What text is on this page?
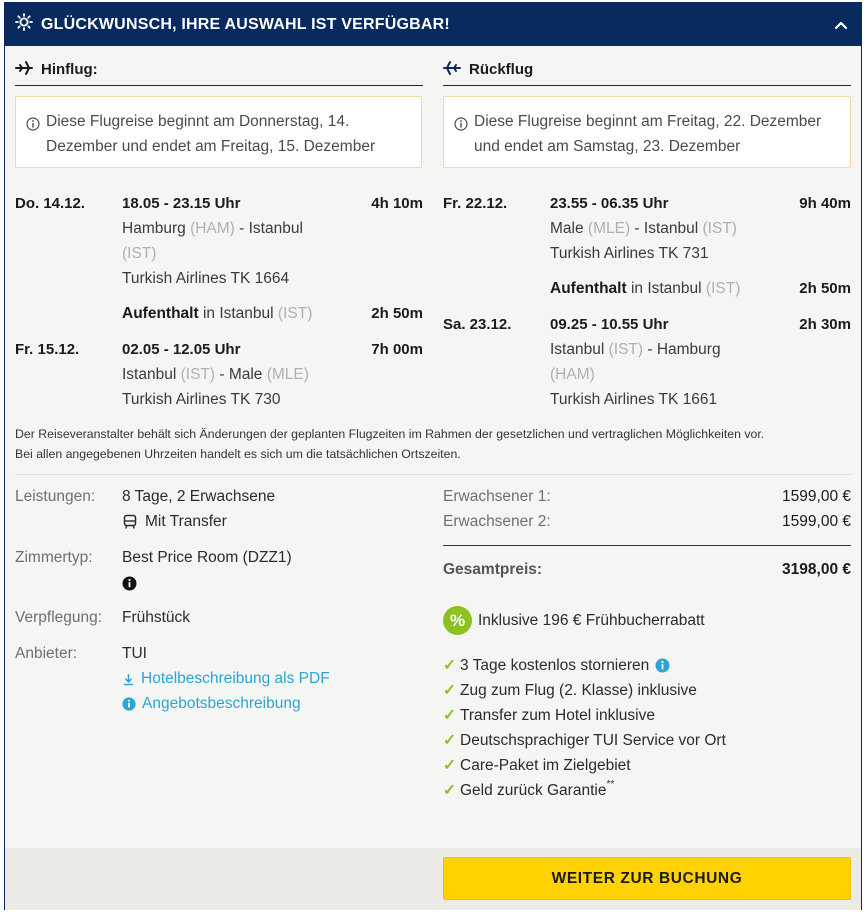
GLÜCKWUNSCH, IHRE AUSWAHL IST VERFÜGBAR!
Hinflug:
Diese Flugreise beginnt am Donnerstag, 14.
Dezember und endet am Freitag, 15. Dezember
Do. 14.12. 18.05 - 23.15 Uhr	4h 10m
Hamburg (HAM) - Istanbul
(IST)
Turkish Airlines TK 1664
Aufenthalt in Istanbul (IST)	2h 50m
Fr. 15.12.	02.05 - 12.05 Uhr	7h 00m
Istanbul (IST) - Male (MLE)
Turkish Airlines TK 730
Rückflug
Diese Flugreise beginnt am Freitag, 22. Dezember
und endet am Samstag, 23. Dezember
Fr. 22.12.	23.55 - 06.35 Uhr	9h 40m
Male (MLE) - Istanbul (IST)
Turkish Airlines TK 731
Aufenthalt in Istanbul (IST)	2h 50m
Sa. 23.12.	09.25 - 10.55 Uhr	2h 30m
Istanbul (IST) - Hamburg
(HAM)
Turkish Airlines TK 1661
Der Reiseveranstalter behält sich Änderungen der geplanten Flugzeiten im Rahmen der gesetzlichen und vertraglichen Möglichkeiten vor.
Bei allen angegebenen Uhrzeiten handelt es sich um die tatsächlichen Ortszeiten.
Leistungen: 8 Tage, 2 Erwachsene
Mit Transfer
Zimmertyp: Best Price Room (DZZ1)
Verpflegung: Frühstück
Anbieter:	TUI
Hotelbeschreibung als PDF
Angebotsbeschreibung
Erwachsener 1:	1599,00 €
Erwachsener 2:	1599,00 €
Gesamtpreis:	3198,00 €
% Inklusive 196 € Frühbucherrabatt
✓ 3 Tage kostenlos stornieren
✓ Zug zum Flug (2. Klasse) inklusive
✓ Transfer zum Hotel inklusive
✓ Deutschsprachiger TUI Service vor Ort
✓ Care-Paket im Zielgebiet
✓ Geld zurück Garantie**
WEITER ZUR BUCHUNG
